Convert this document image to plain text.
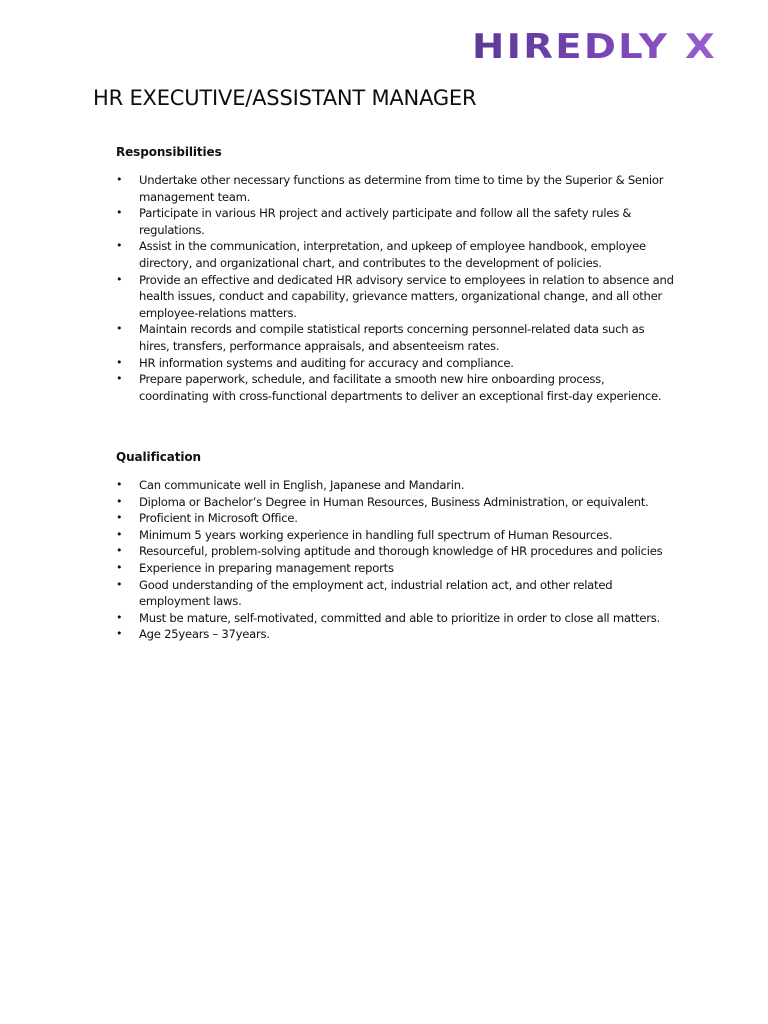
HIREDLY X
HR EXECUTIVE/ASSISTANT MANAGER
Responsibilities
• Undertake other necessary functions as determine from time to time by the Superior & Senior management team.
• Participate in various HR project and actively participate and follow all the safety rules & regulations.
• Assist in the communication, interpretation, and upkeep of employee handbook, employee directory, and organizational chart, and contributes to the development of policies.
• Provide an effective and dedicated HR advisory service to employees in relation to absence and health issues, conduct and capability, grievance matters, organizational change, and all other employee-relations matters.
• Maintain records and compile statistical reports concerning personnel-related data such as hires, transfers, performance appraisals, and absenteeism rates.
• HR information systems and auditing for accuracy and compliance.
• Prepare paperwork, schedule, and facilitate a smooth new hire onboarding process, coordinating with cross-functional departments to deliver an exceptional first-day experience.
Qualification
• Can communicate well in English, Japanese and Mandarin.
• Diploma or Bachelor’s Degree in Human Resources, Business Administration, or equivalent.
• Proficient in Microsoft Office.
• Minimum 5 years working experience in handling full spectrum of Human Resources.
• Resourceful, problem-solving aptitude and thorough knowledge of HR procedures and policies
• Experience in preparing management reports
• Good understanding of the employment act, industrial relation act, and other related employment laws.
• Must be mature, self-motivated, committed and able to prioritize in order to close all matters.
• Age 25years – 37years.
